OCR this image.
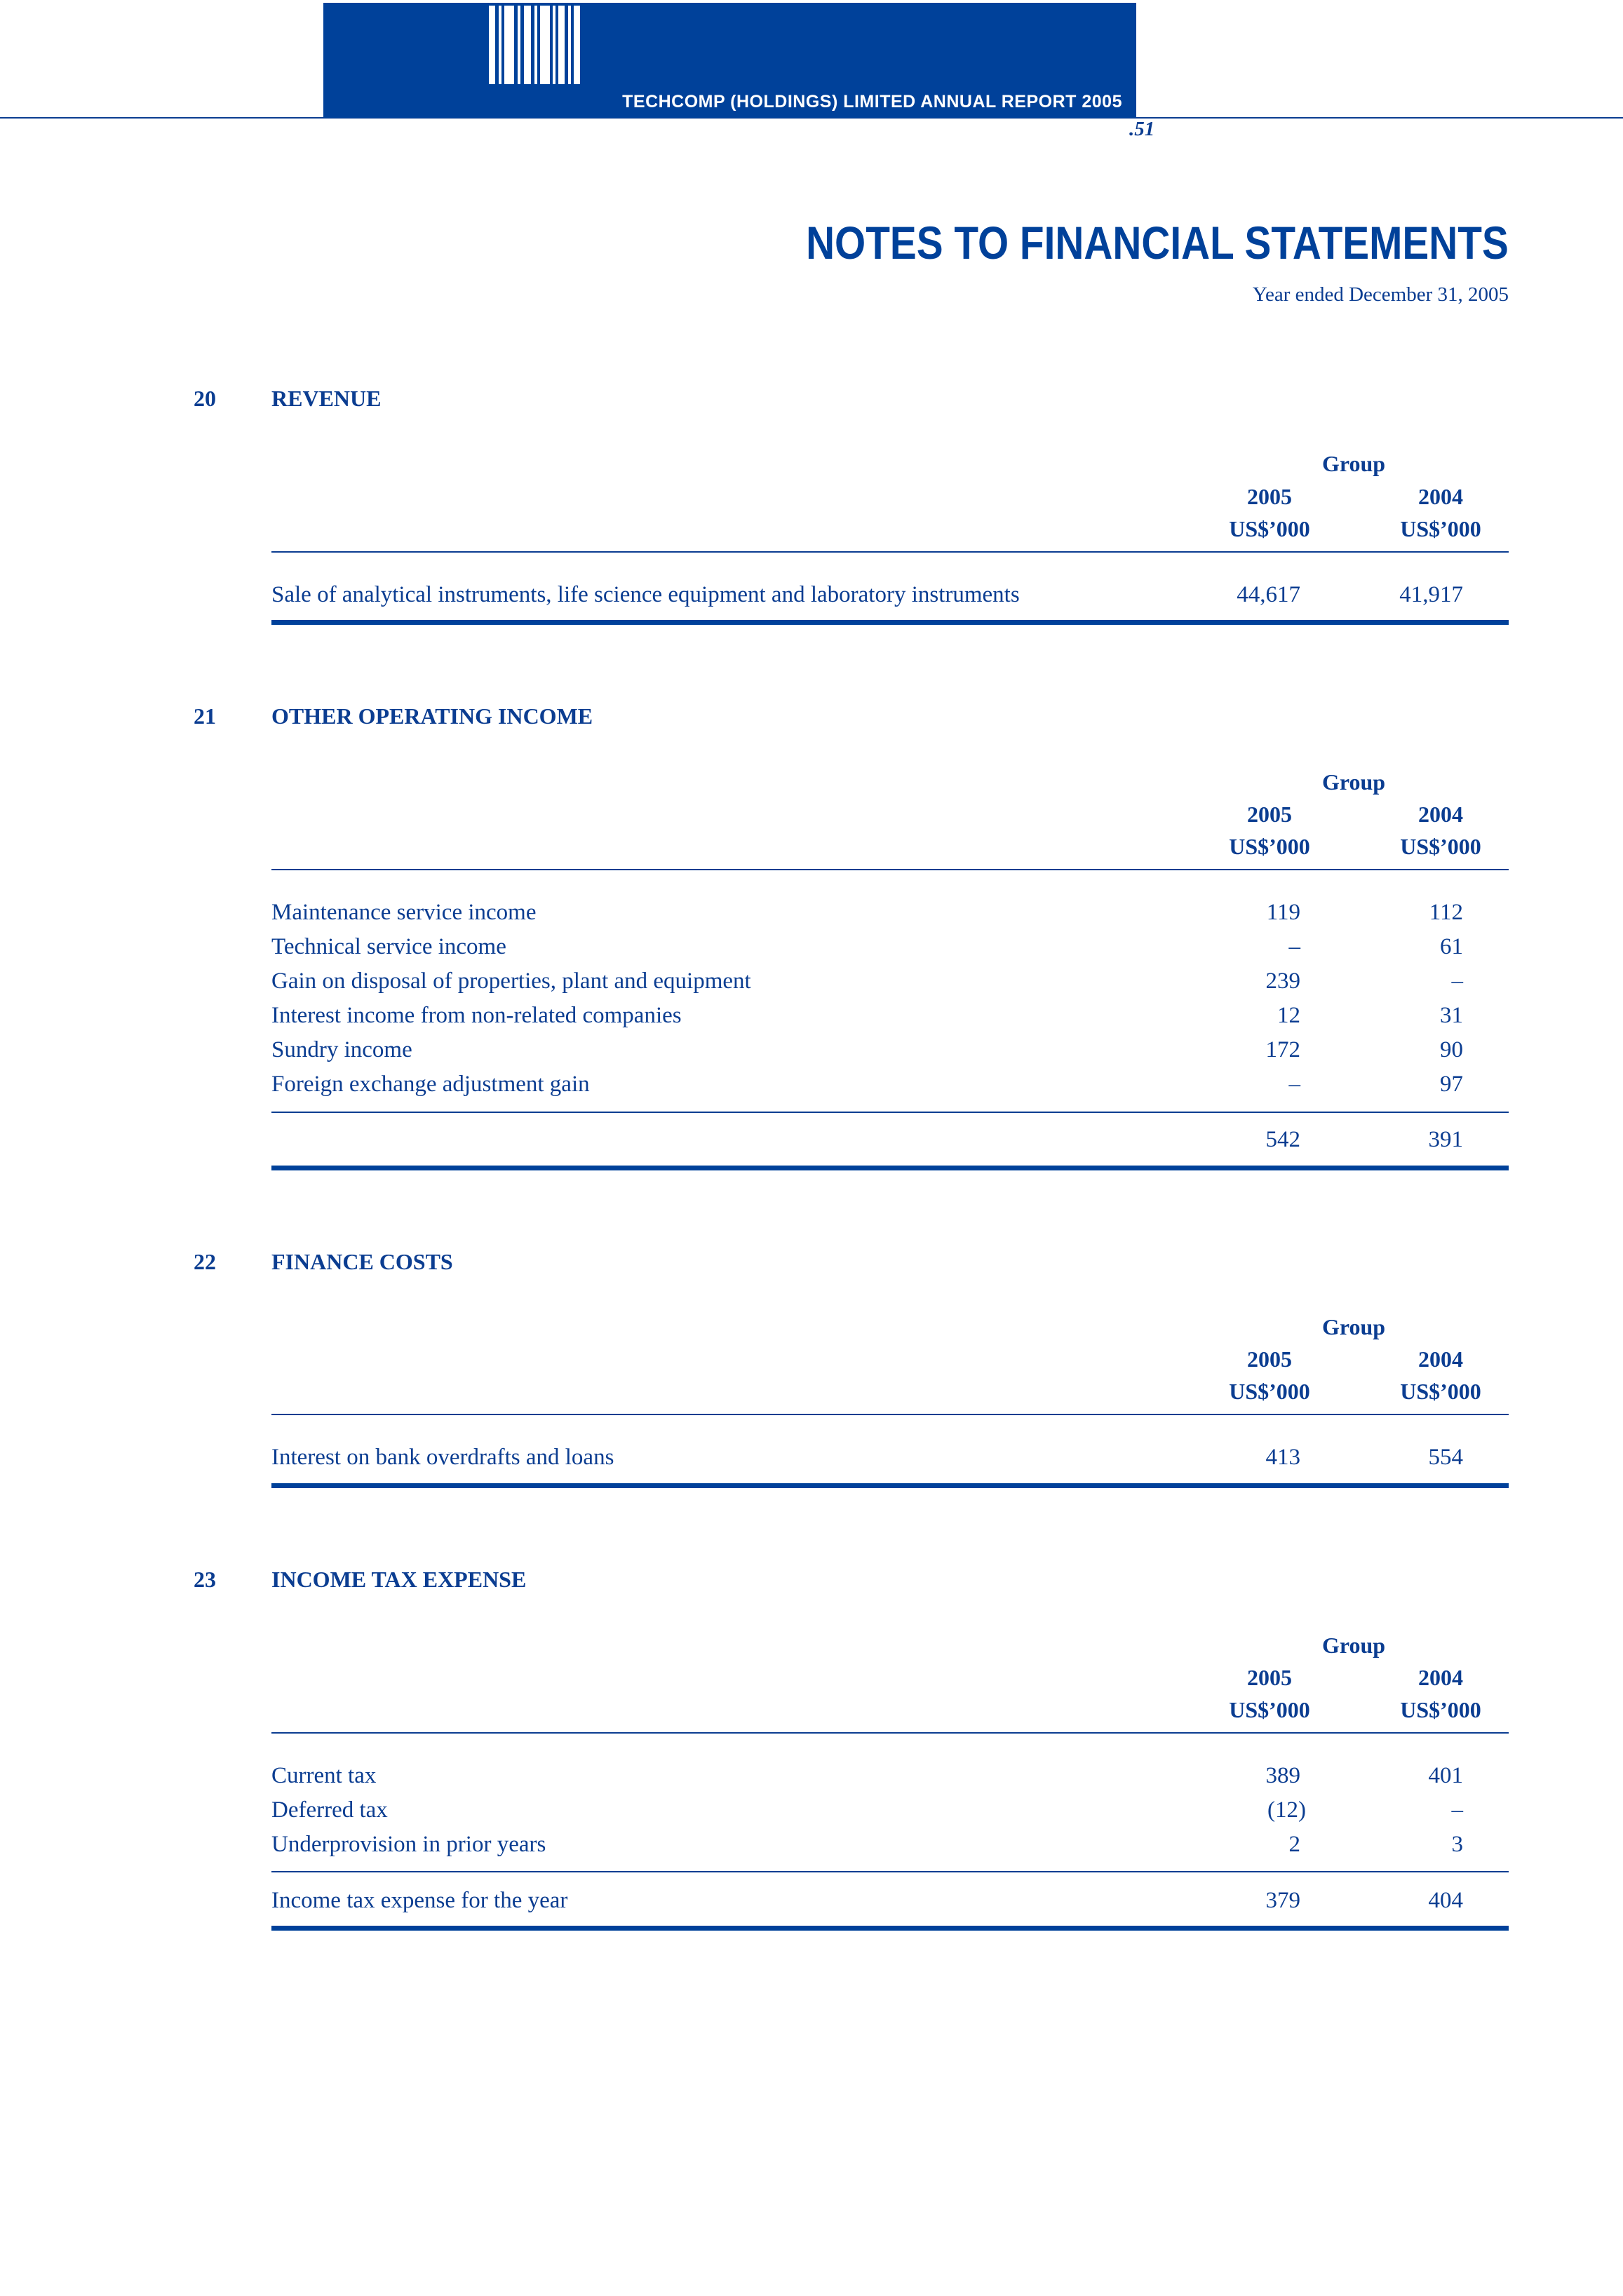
TECHCOMP (HOLDINGS) LIMITED ANNUAL REPORT 2005
.51
NOTES TO FINANCIAL STATEMENTS
Year ended December 31, 2005
20 REVENUE
Group
2005	2004
US$’000	US$’000
Sale of analytical instruments, life science equipment and laboratory instruments	44,617	41,917
21 OTHER OPERATING INCOME
Group
2005	2004
US$’000	US$’000
Maintenance service income	119	112
Technical service income	–	61
Gain on disposal of properties, plant and equipment	239	–
Interest income from non-related companies	12	31
Sundry income	172	90
Foreign exchange adjustment gain	–	97
542	391
22 FINANCE COSTS
Group
2005	2004
US$’000	US$’000
Interest on bank overdrafts and loans	413	554
23 INCOME TAX EXPENSE
Group
2005	2004
US$’000	US$’000
Current tax	389	401
Deferred tax	(12)	–
Underprovision in prior years	2	3
Income tax expense for the year	379	404
